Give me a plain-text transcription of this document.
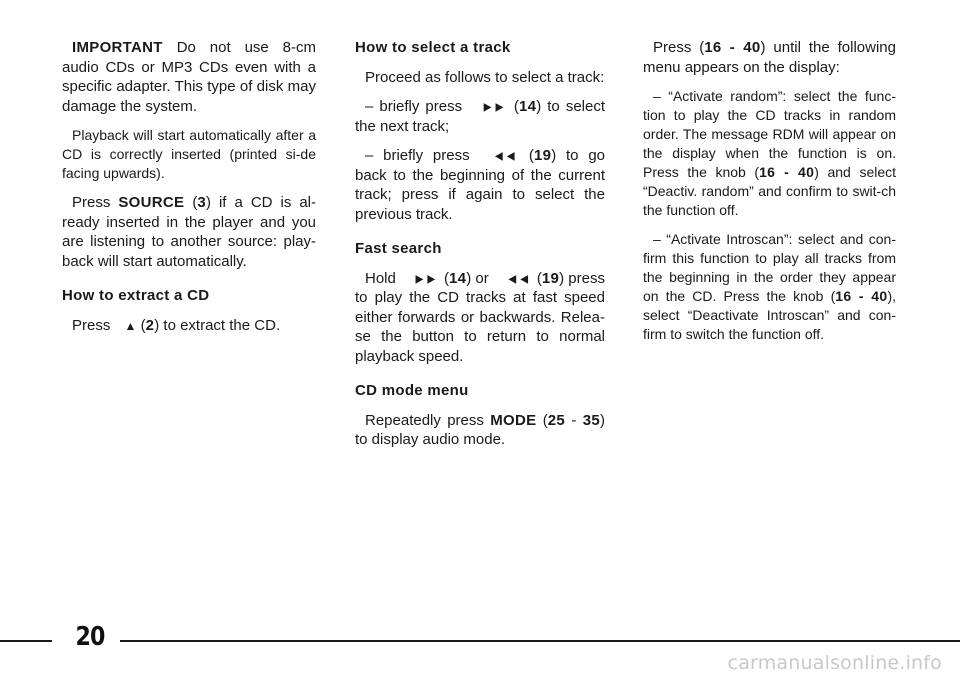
IMPORTANT Do not use 8-cm audio CDs or MP3 CDs even with a specific adapter. This type of disk may damage the system.

Playback will start automatically after a CD is correctly inserted (printed si-de facing upwards).

Press SOURCE (3) if a CD is al-ready inserted in the player and you are listening to another source: play-back will start automatically.

How to extract a CD

Press ▲ (2) to extract the CD.

How to select a track

Proceed as follows to select a track:

– briefly press ►► (14) to select the next track;

– briefly press ◄◄ (19) to go back to the beginning of the current track; press if again to select the previous track.

Fast search

Hold ►► (14) or ◄◄ (19) press to play the CD tracks at fast speed either forwards or backwards. Relea-se the button to return to normal playback speed.

CD mode menu

Repeatedly press MODE (25 - 35) to display audio mode.

Press (16 - 40) until the following menu appears on the display:

– “Activate random”: select the func-tion to play the CD tracks in random order. The message RDM will appear on the display when the function is on. Press the knob (16 - 40) and select “Deactiv. random” and confirm to swit-ch the function off.

– “Activate Introscan”: select and con-firm this function to play all tracks from the beginning in the order they appear on the CD. Press the knob (16 - 40), select “Deactivate Introscan” and con-firm to switch the function off.

20
carmanualsonline.info
